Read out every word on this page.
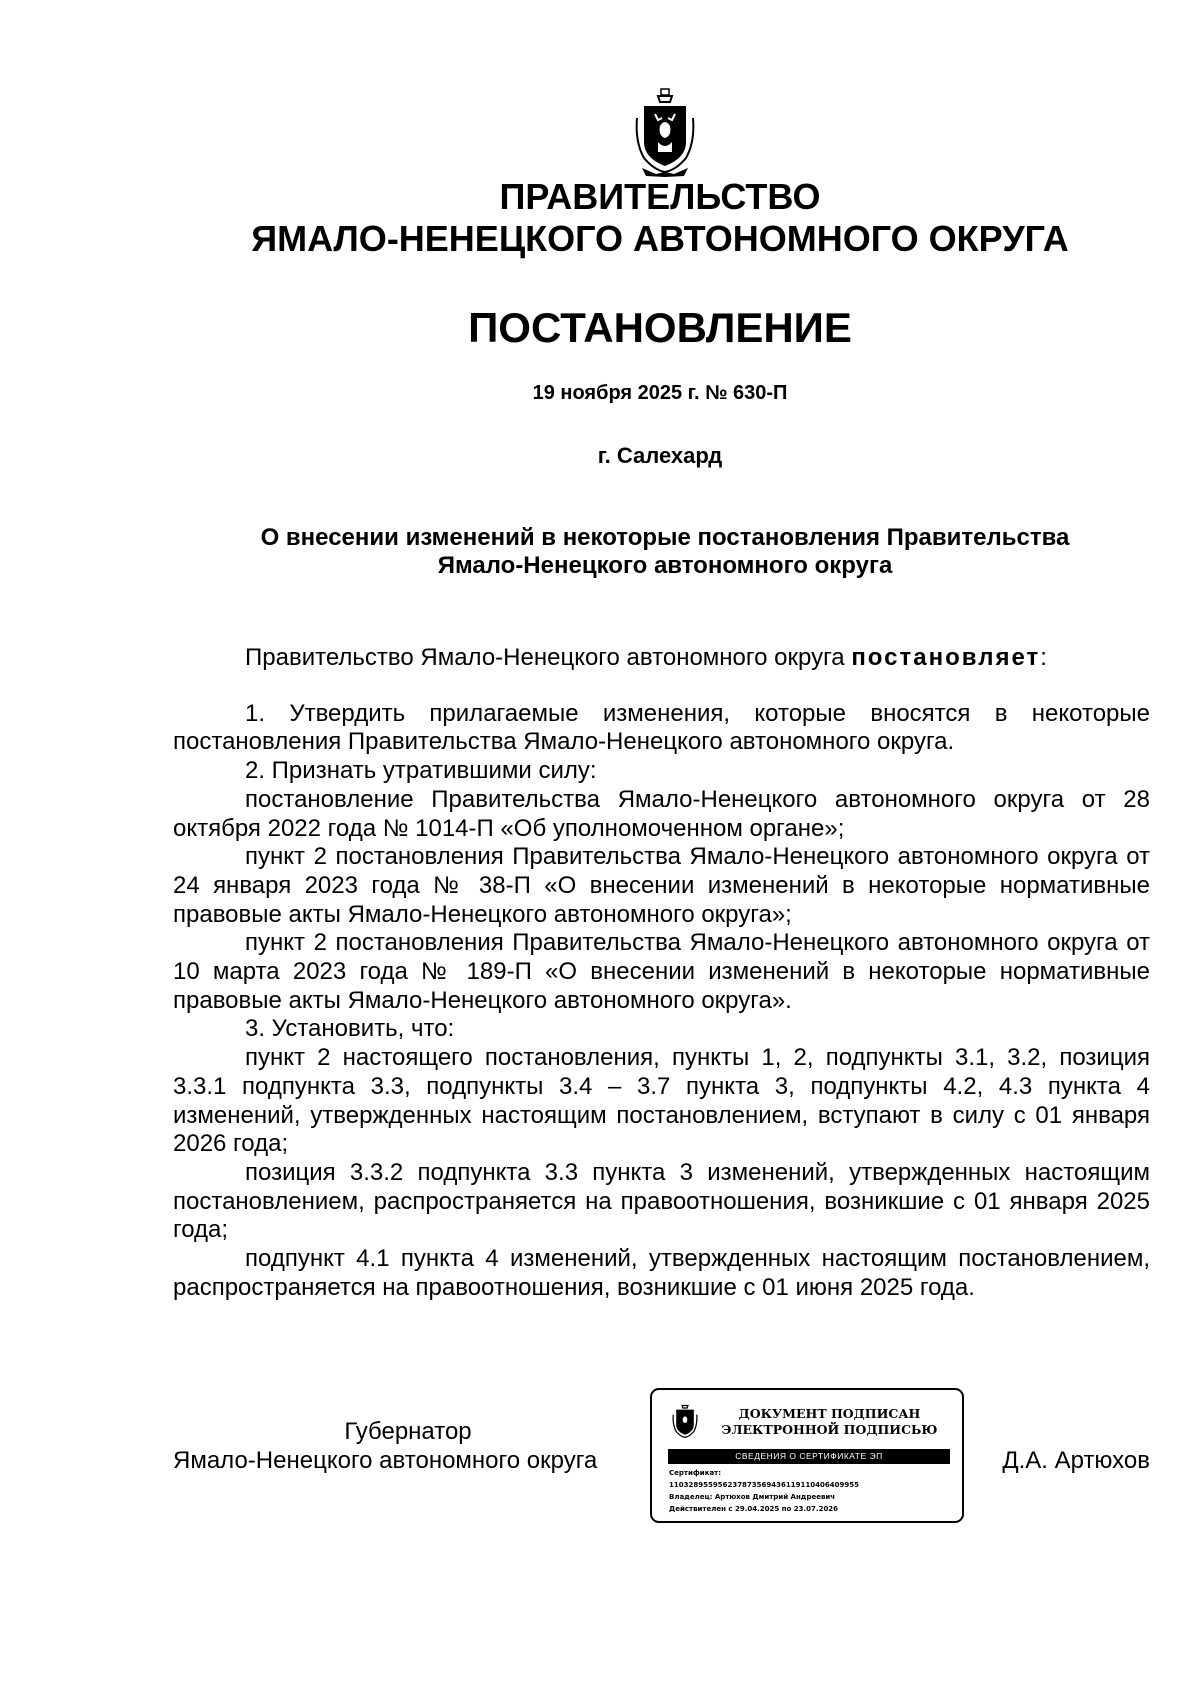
ПРАВИТЕЛЬСТВО
ЯМАЛО-НЕНЕЦКОГО АВТОНОМНОГО ОКРУГА
ПОСТАНОВЛЕНИЕ
19 ноября 2025 г. № 630-П
г. Салехард
О внесении изменений в некоторые постановления Правительства
Ямало-Ненецкого автономного округа

Правительство Ямало-Ненецкого автономного округа постановляет:

1. Утвердить прилагаемые изменения, которые вносятся в некоторые постановления Правительства Ямало-Ненецкого автономного округа.

2. Признать утратившими силу:

постановление Правительства Ямало-Ненецкого автономного округа от 28 октября 2022 года № 1014-П «Об уполномоченном органе»;

пункт 2 постановления Правительства Ямало-Ненецкого автономного округа от 24 января 2023 года № 38-П «О внесении изменений в некоторые нормативные правовые акты Ямало-Ненецкого автономного округа»;

пункт 2 постановления Правительства Ямало-Ненецкого автономного округа от 10 марта 2023 года № 189-П «О внесении изменений в некоторые нормативные правовые акты Ямало-Ненецкого автономного округа».

3. Установить, что:

пункт 2 настоящего постановления, пункты 1, 2, подпункты 3.1, 3.2, позиция 3.3.1 подпункта 3.3, подпункты 3.4 – 3.7 пункта 3, подпункты 4.2, 4.3 пункта 4 изменений, утвержденных настоящим постановлением, вступают в силу с 01 января 2026 года;

позиция 3.3.2 подпункта 3.3 пункта 3 изменений, утвержденных настоящим постановлением, распространяется на правоотношения, возникшие с 01 января 2025 года;

подпункт 4.1 пункта 4 изменений, утвержденных настоящим постановлением, распространяется на правоотношения, возникшие с 01 июня 2025 года.

Губернатор
Ямало-Ненецкого автономного округа
ДОКУМЕНТ ПОДПИСАН
ЭЛЕКТРОННОЙ ПОДПИСЬЮ
СВЕДЕНИЯ О СЕРТИФИКАТЕ ЭП
Сертификат:
110328955956237873569436119110406409955
Владелец: Артюхов Дмитрий Андреевич
Действителен с 29.04.2025 по 23.07.2026
Д.А. Артюхов
